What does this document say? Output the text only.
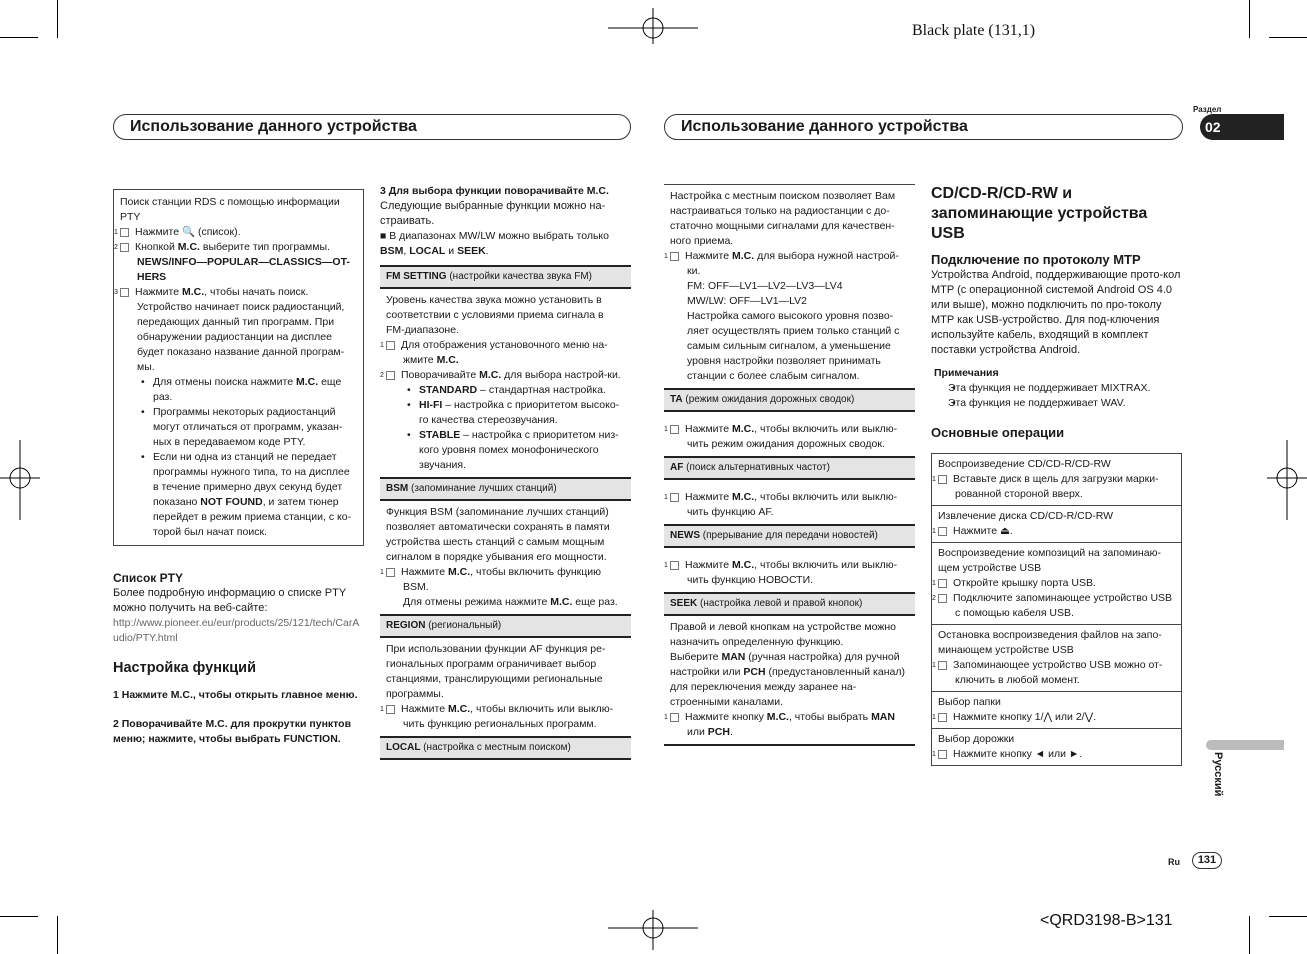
Black plate (131,1)
<QRD3198-B>131
Использование данного устройства	Использование данного устройства
Раздел
02
Поиск станции RDS с помощью информации PTY
1 Нажмите 🔍 (список).
2 Кнопкой M.C. выберите тип программы.
NEWS/INFO—POPULAR—CLASSICS—OT-HERS
3 Нажмите M.C., чтобы начать поиск. Устройство начинает поиск радиостанций, передающих данный тип программ. При обнаружении радиостанции на дисплее будет показано название данной програм-мы.
• Для отмены поиска нажмите M.C. еще раз.
• Программы некоторых радиостанций могут отличаться от программ, указан-ных в передаваемом коде PTY.
• Если ни одна из станций не передает программы нужного типа, то на дисплее в течение примерно двух секунд будет показано NOT FOUND, и затем тюнер перейдет в режим приема станции, с ко-торой был начат поиск.
Список PTY
Более подробную информацию о списке PTY можно получить на веб-сайте:
http://www.pioneer.eu/eur/products/25/121/tech/CarAudio/PTY.html
Настройка функций
1 Нажмите M.C., чтобы открыть главное меню.
2 Поворачивайте M.C. для прокрутки пунктов меню; нажмите, чтобы выбрать FUNCTION.
3 Для выбора функции поворачивайте M.C.
Следующие выбранные функции можно на-страивать.
■ В диапазонах MW/LW можно выбрать только BSM, LOCAL и SEEK.
FM SETTING (настройки качества звука FM)
Уровень качества звука можно установить в соответствии с условиями приема сигнала в FM-диапазоне.
1 Для отображения установочного меню на-жмите M.C.
2 Поворачивайте M.C. для выбора настрой-ки.
• STANDARD – стандартная настройка.
• HI-FI – настройка с приоритетом высоко-го качества стереозвучания.
• STABLE – настройка с приоритетом низ-кого уровня помех монофонического звучания.
BSM (запоминание лучших станций)
Функция BSM (запоминание лучших станций) позволяет автоматически сохранять в памяти устройства шесть станций с самым мощным сигналом в порядке убывания его мощности.
1 Нажмите M.C., чтобы включить функцию BSM.
Для отмены режима нажмите M.C. еще раз.
REGION (региональный)
При использовании функции AF функция ре-гиональных программ ограничивает выбор станциями, транслирующими региональные программы.
1 Нажмите M.C., чтобы включить или выклю-чить функцию региональных программ.
LOCAL (настройка с местным поиском)
Настройка с местным поиском позволяет Вам настраиваться только на радиостанции с до-статочно мощными сигналами для качествен-ного приема.
1 Нажмите M.C. для выбора нужной настрой-ки.
FM: OFF—LV1—LV2—LV3—LV4
MW/LW: OFF—LV1—LV2
Настройка самого высокого уровня позво-ляет осуществлять прием только станций с самым сильным сигналом, а уменьшение уровня настройки позволяет принимать станции с более слабым сигналом.
TA (режим ожидания дорожных сводок)
1 Нажмите M.C., чтобы включить или выклю-чить режим ожидания дорожных сводок.
AF (поиск альтернативных частот)
1 Нажмите M.C., чтобы включить или выклю-чить функцию AF.
NEWS (прерывание для передачи новостей)
1 Нажмите M.C., чтобы включить или выклю-чить функцию НОВОСТИ.
SEEK (настройка левой и правой кнопок)
Правой и левой кнопкам на устройстве можно назначить определенную функцию.
Выберите MAN (ручная настройка) для ручной настройки или PCH (предустановленный канал) для переключения между заранее на-строенными каналами.
1 Нажмите кнопку M.C., чтобы выбрать MAN или PCH.
CD/CD-R/CD-RW и запоминающие устройства USB
Подключение по протоколу MTP
Устройства Android, поддерживающие прото-кол MTP (с операционной системой Android OS 4.0 или выше), можно подключить по про-токолу MTP как USB-устройство. Для под-ключения используйте кабель, входящий в комплект поставки устройства Android.
Примечания
• Эта функция не поддерживает MIXTRAX.
• Эта функция не поддерживает WAV.
Основные операции
Воспроизведение CD/CD-R/CD-RW
1 Вставьте диск в щель для загрузки марки-рованной стороной вверх.
Извлечение диска CD/CD-R/CD-RW
1 Нажмите ⏏.
Воспроизведение композиций на запоминаю-щем устройстве USB
1 Откройте крышку порта USB.
2 Подключите запоминающее устройство USB с помощью кабеля USB.
Остановка воспроизведения файлов на запо-минающем устройстве USB
1 Запоминающее устройство USB можно от-ключить в любой момент.
Выбор папки
1 Нажмите кнопку 1/⋀ или 2/⋁.
Выбор дорожки
1 Нажмите кнопку ◄ или ►.	Русский
Ru	131
